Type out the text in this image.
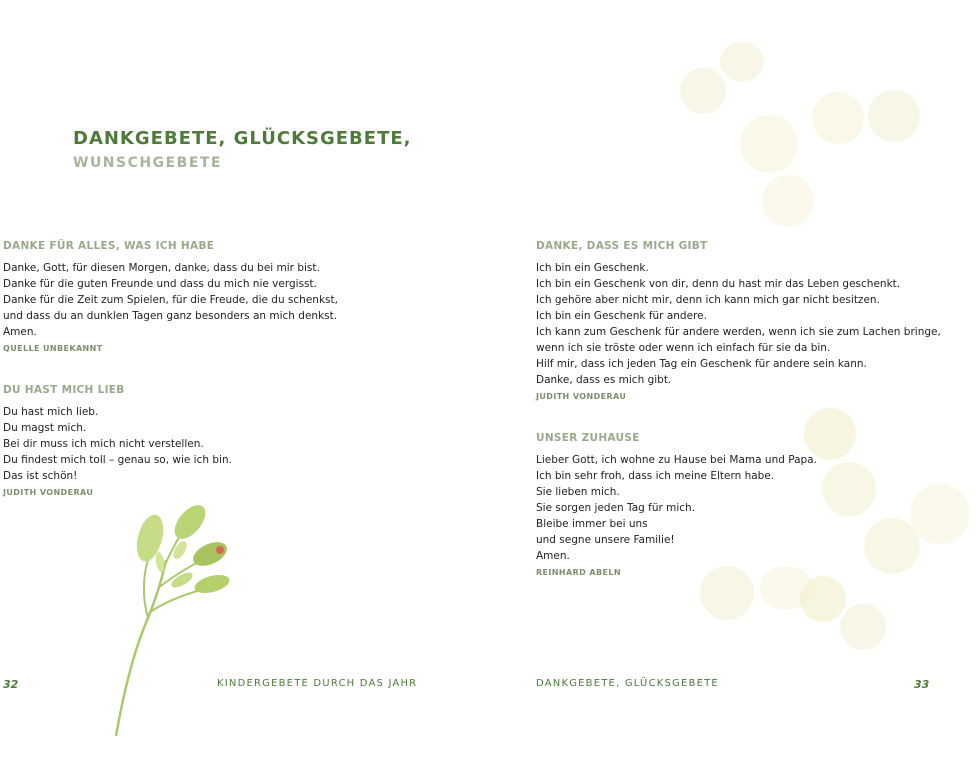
DANKGEBETE, GLÜCKSGEBETE,
WUNSCHGEBETE
DANKE FÜR ALLES, WAS ICH HABE
Danke, Gott, für diesen Morgen, danke, dass du bei mir bist.
Danke für die guten Freunde und dass du mich nie vergisst.
Danke für die Zeit zum Spielen, für die Freude, die du schenkst,
und dass du an dunklen Tagen ganz besonders an mich denkst.
Amen.
QUELLE UNBEKANNT
DU HAST MICH LIEB
Du hast mich lieb.
Du magst mich.
Bei dir muss ich mich nicht verstellen.
Du findest mich toll – genau so, wie ich bin.
Das ist schön!
JUDITH VONDERAU
DANKE, DASS ES MICH GIBT
Ich bin ein Geschenk.
Ich bin ein Geschenk von dir, denn du hast mir das Leben geschenkt.
Ich gehöre aber nicht mir, denn ich kann mich gar nicht besitzen.
Ich bin ein Geschenk für andere.
Ich kann zum Geschenk für andere werden, wenn ich sie zum Lachen bringe,
wenn ich sie tröste oder wenn ich einfach für sie da bin.
Hilf mir, dass ich jeden Tag ein Geschenk für andere sein kann.
Danke, dass es mich gibt.
JUDITH VONDERAU
UNSER ZUHAUSE
Lieber Gott, ich wohne zu Hause bei Mama und Papa.
Ich bin sehr froh, dass ich meine Eltern habe.
Sie lieben mich.
Sie sorgen jeden Tag für mich.
Bleibe immer bei uns
und segne unsere Familie!
Amen.
REINHARD ABELN
32	KINDERGEBETE DURCH DAS JAHR	DANKGEBETE, GLÜCKSGEBETE	33
